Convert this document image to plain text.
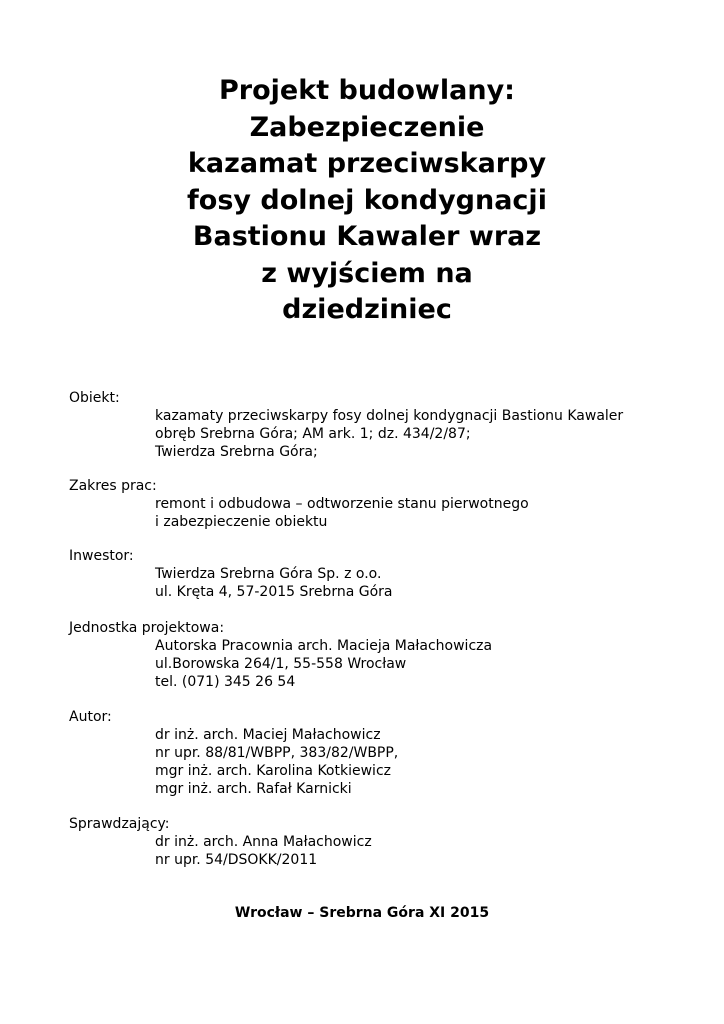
Projekt budowlany:
Zabezpieczenie
kazamat przeciwskarpy
fosy dolnej kondygnacji
Bastionu Kawaler wraz
z wyjściem na
dziedziniec
Obiekt:
kazamaty przeciwskarpy fosy dolnej kondygnacji Bastionu Kawaler
obręb Srebrna Góra; AM ark. 1; dz. 434/2/87;
Twierdza Srebrna Góra;
Zakres prac:
remont i odbudowa – odtworzenie stanu pierwotnego
i zabezpieczenie obiektu
Inwestor:
Twierdza Srebrna Góra Sp. z o.o.
ul. Kręta 4, 57-2015 Srebrna Góra
Jednostka projektowa:
Autorska Pracownia arch. Macieja Małachowicza
ul.Borowska 264/1, 55-558 Wrocław
tel. (071) 345 26 54
Autor:
dr inż. arch. Maciej Małachowicz
nr upr. 88/81/WBPP, 383/82/WBPP,
mgr inż. arch. Karolina Kotkiewicz
mgr inż. arch. Rafał Karnicki
Sprawdzający:
dr inż. arch. Anna Małachowicz
nr upr. 54/DSOKK/2011
Wrocław – Srebrna Góra XI 2015
